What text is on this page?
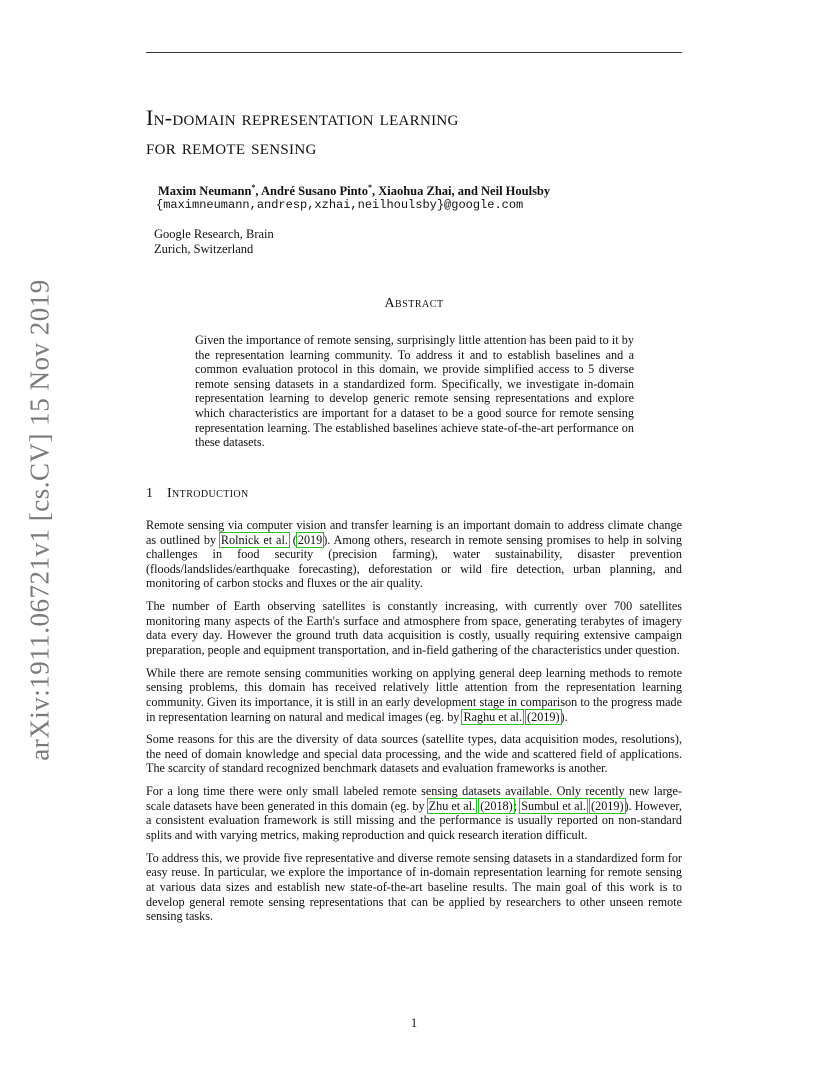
In-domain representation learning
for remote sensing
Maxim Neumann*, André Susano Pinto*, Xiaohua Zhai, and Neil Houlsby
{maximneumann,andresp,xzhai,neilhoulsby}@google.com
Google Research, Brain
Zurich, Switzerland
arXiv:1911.06721v1 [cs.CV] 15 Nov 2019	Abstract
Given the importance of remote sensing, surprisingly little attention has been paid to it by the representation learning community. To address it and to establish baselines and a common evaluation protocol in this domain, we provide simplified access to 5 diverse remote sensing datasets in a standardized form. Specifically, we investigate in-domain representation learning to develop generic remote sensing representations and explore which characteristics are important for a dataset to be a good source for remote sensing representation learning. The established baselines achieve state-of-the-art performance on these datasets.
1 Introduction

Remote sensing via computer vision and transfer learning is an important domain to address climate change as outlined by Rolnick et al. (2019). Among others, research in remote sensing promises to help in solving challenges in food security (precision farming), water sustainability, disaster prevention (floods/landslides/earthquake forecasting), deforestation or wild fire detection, urban planning, and monitoring of carbon stocks and fluxes or the air quality.

The number of Earth observing satellites is constantly increasing, with currently over 700 satellites monitoring many aspects of the Earth's surface and atmosphere from space, generating terabytes of imagery data every day. However the ground truth data acquisition is costly, usually requiring extensive campaign preparation, people and equipment transportation, and in-field gathering of the characteristics under question.

While there are remote sensing communities working on applying general deep learning methods to remote sensing problems, this domain has received relatively little attention from the representation learning community. Given its importance, it is still in an early development stage in comparison to the progress made in representation learning on natural and medical images (eg. by Raghu et al. (2019)).

Some reasons for this are the diversity of data sources (satellite types, data acquisition modes, resolutions), the need of domain knowledge and special data processing, and the wide and scattered field of applications. The scarcity of standard recognized benchmark datasets and evaluation frameworks is another.

For a long time there were only small labeled remote sensing datasets available. Only recently new large-scale datasets have been generated in this domain (eg. by Zhu et al. (2018); Sumbul et al. (2019)). However, a consistent evaluation framework is still missing and the performance is usually reported on non-standard splits and with varying metrics, making reproduction and quick research iteration difficult.

To address this, we provide five representative and diverse remote sensing datasets in a standardized form for easy reuse. In particular, we explore the importance of in-domain representation learning for remote sensing at various data sizes and establish new state-of-the-art baseline results. The main goal of this work is to develop general remote sensing representations that can be applied by researchers to other unseen remote sensing tasks.

1
